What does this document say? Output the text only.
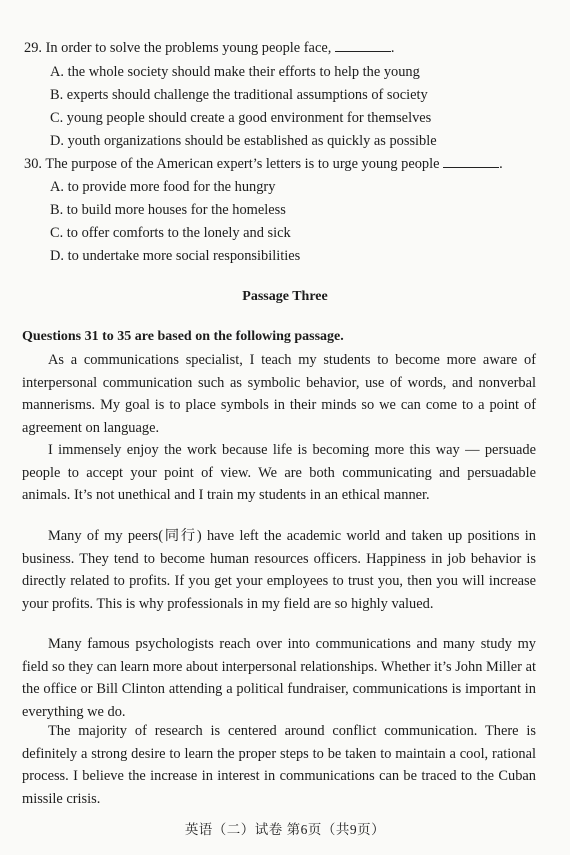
29. In order to solve the problems young people face,	.
A. the whole society should make their efforts to help the young
B. experts should challenge the traditional assumptions of society
C. young people should create a good environment for themselves
D. youth organizations should be established as quickly as possible
30. The purpose of the American expert’s letters is to urge young people	.
A. to provide more food for the hungry
B. to build more houses for the homeless
C. to offer comforts to the lonely and sick
D. to undertake more social responsibilities
Passage Three
Questions 31 to 35 are based on the following passage.
As a communications specialist, I teach my students to become more aware of interpersonal communication such as symbolic behavior, use of words, and nonverbal mannerisms. My goal is to place symbols in their minds so we can come to a point of agreement on language.
I immensely enjoy the work because life is becoming more this way — persuade people to accept your point of view. We are both communicating and persuadable animals. It’s not unethical and I train my students in an ethical manner.
Many of my peers(同行) have left the academic world and taken up positions in business. They tend to become human resources officers. Happiness in job behavior is directly related to profits. If you get your employees to trust you, then you will increase your profits. This is why professionals in my field are so highly valued.
Many famous psychologists reach over into communications and many study my field so they can learn more about interpersonal relationships. Whether it’s John Miller at the office or Bill Clinton attending a political fundraiser, communications is important in everything we do.
The majority of research is centered around conflict communication. There is definitely a strong desire to learn the proper steps to be taken to maintain a cool, rational process. I believe the increase in interest in communications can be traced to the Cuban missile crisis.
英语（二）试卷 第6页（共9页）
